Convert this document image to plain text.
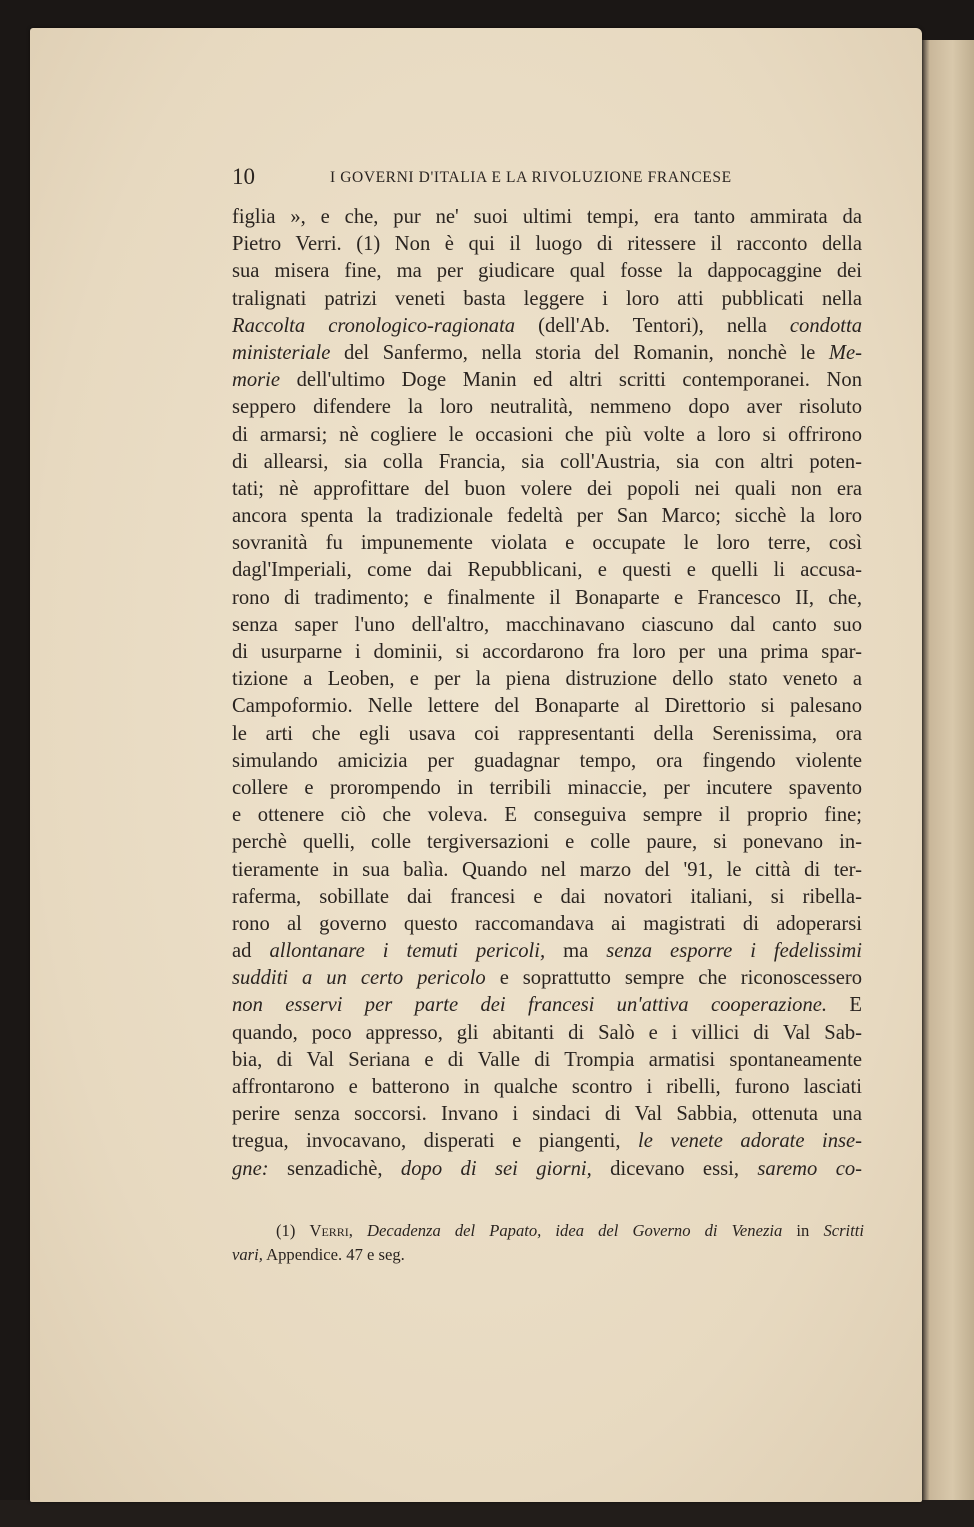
10	I GOVERNI D'ITALIA E LA RIVOLUZIONE FRANCESE
figlia », e che, pur ne' suoi ultimi tempi, era tanto ammirata da
Pietro Verri. (1) Non è qui il luogo di ritessere il racconto della
sua misera fine, ma per giudicare qual fosse la dappocaggine dei
tralignati patrizi veneti basta leggere i loro atti pubblicati nella
Raccolta cronologico-ragionata (dell'Ab. Tentori), nella condotta
ministeriale del Sanfermo, nella storia del Romanin, nonchè le Me-
morie dell'ultimo Doge Manin ed altri scritti contemporanei. Non
seppero difendere la loro neutralità, nemmeno dopo aver risoluto
di armarsi; nè cogliere le occasioni che più volte a loro si offrirono
di allearsi, sia colla Francia, sia coll'Austria, sia con altri poten-
tati; nè approfittare del buon volere dei popoli nei quali non era
ancora spenta la tradizionale fedeltà per San Marco; sicchè la loro
sovranità fu impunemente violata e occupate le loro terre, così
dagl'Imperiali, come dai Repubblicani, e questi e quelli li accusa-
rono di tradimento; e finalmente il Bonaparte e Francesco II, che,
senza saper l'uno dell'altro, macchinavano ciascuno dal canto suo
di usurparne i dominii, si accordarono fra loro per una prima spar-
tizione a Leoben, e per la piena distruzione dello stato veneto a
Campoformio. Nelle lettere del Bonaparte al Direttorio si palesano
le arti che egli usava coi rappresentanti della Serenissima, ora
simulando amicizia per guadagnar tempo, ora fingendo violente
collere e prorompendo in terribili minaccie, per incutere spavento
e ottenere ciò che voleva. E conseguiva sempre il proprio fine;
perchè quelli, colle tergiversazioni e colle paure, si ponevano in-
tieramente in sua balìa. Quando nel marzo del '91, le città di ter-
raferma, sobillate dai francesi e dai novatori italiani, si ribella-
rono al governo questo raccomandava ai magistrati di adoperarsi
ad allontanare i temuti pericoli, ma senza esporre i fedelissimi
sudditi a un certo pericolo e soprattutto sempre che riconoscessero
non esservi per parte dei francesi un'attiva cooperazione. E
quando, poco appresso, gli abitanti di Salò e i villici di Val Sab-
bia, di Val Seriana e di Valle di Trompia armatisi spontaneamente
affrontarono e batterono in qualche scontro i ribelli, furono lasciati
perire senza soccorsi. Invano i sindaci di Val Sabbia, ottenuta una
tregua, invocavano, disperati e piangenti, le venete adorate inse-
gne: senzadichè, dopo di sei giorni, dicevano essi, saremo co-
(1) Verri, Decadenza del Papato, idea del Governo di Venezia in Scritti
vari, Appendice. 47 e seg.
